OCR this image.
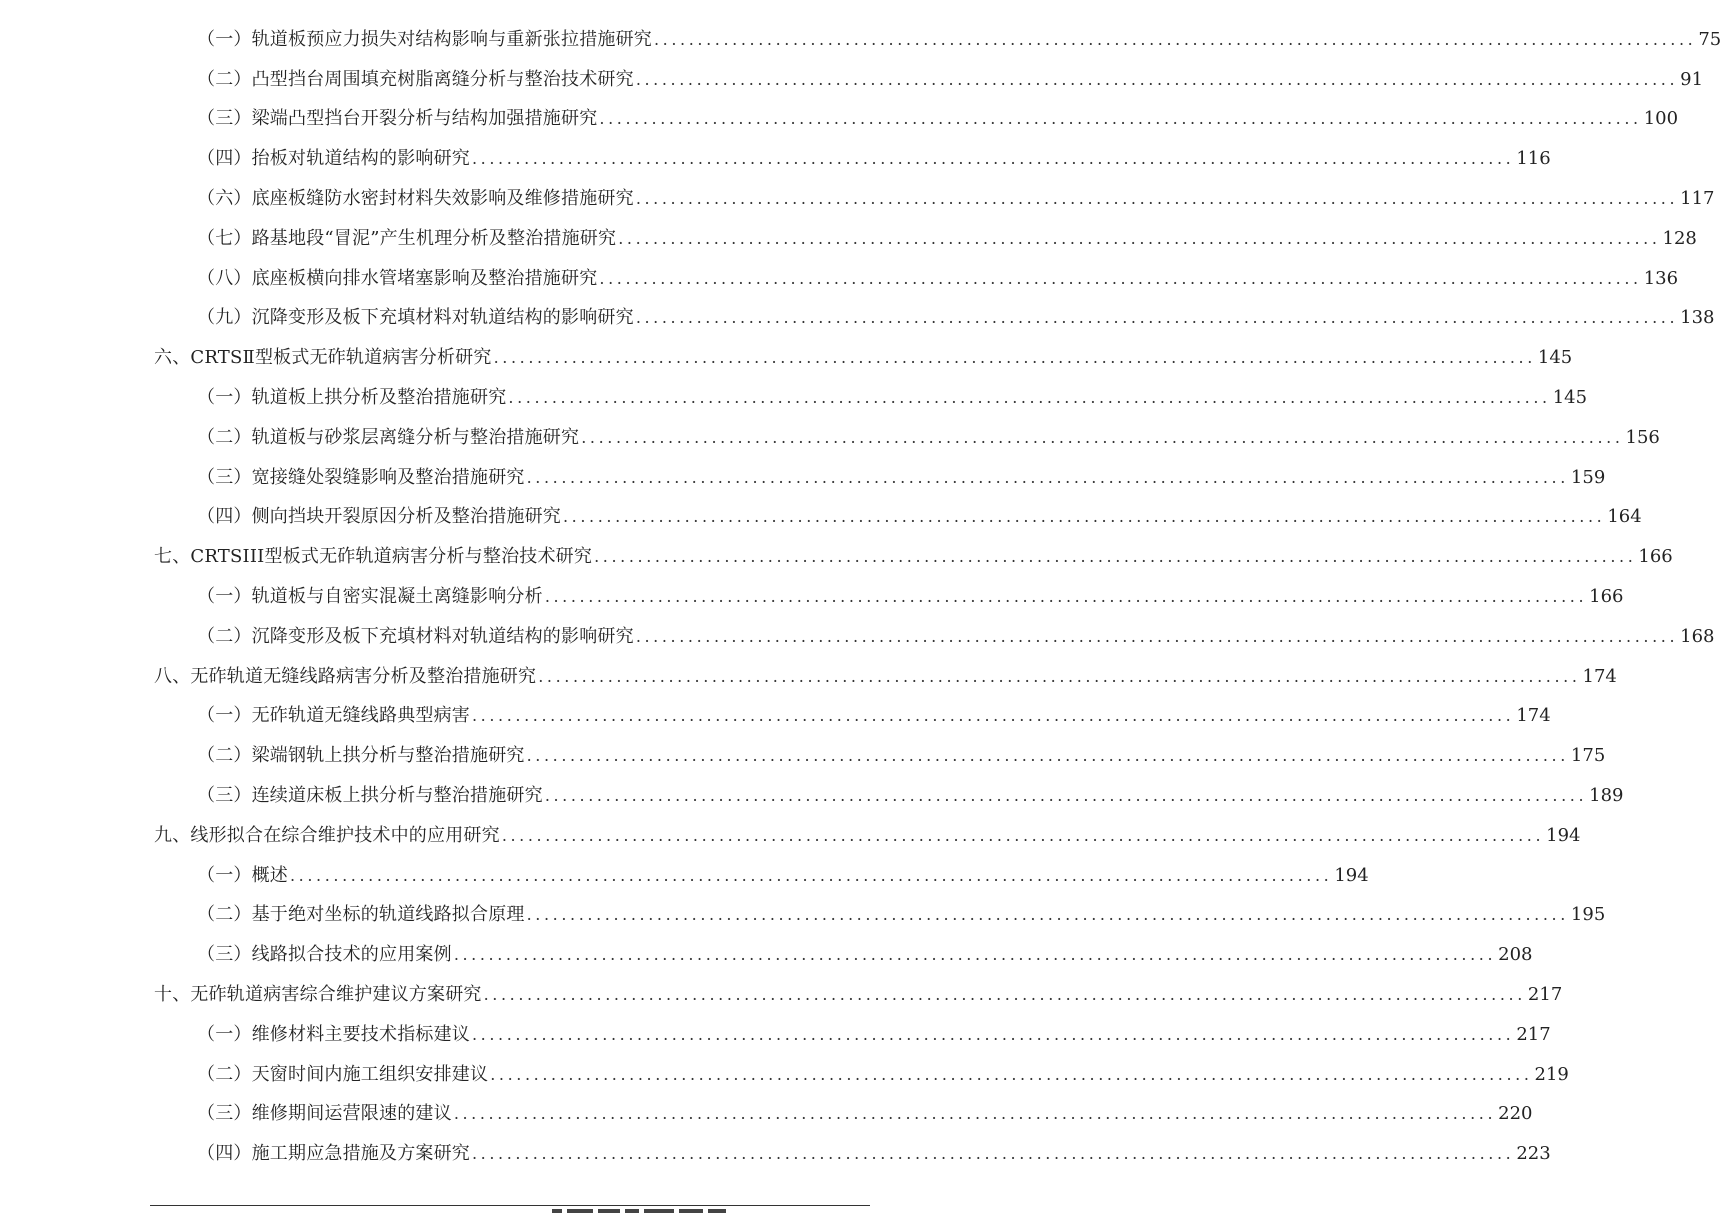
（一）轨道板预应力损失对结构影响与重新张拉措施研究 ........................................................................................................................ 75
（二）凸型挡台周围填充树脂离缝分析与整治技术研究 ........................................................................................................................ 91
（三）梁端凸型挡台开裂分析与结构加强措施研究 ........................................................................................................................ 100
（四）抬板对轨道结构的影响研究 ........................................................................................................................ 116
（六）底座板缝防水密封材料失效影响及维修措施研究 ........................................................................................................................ 117
（七）路基地段“冒泥”产生机理分析及整治措施研究 ........................................................................................................................ 128
（八）底座板横向排水管堵塞影响及整治措施研究 ........................................................................................................................ 136
（九）沉降变形及板下充填材料对轨道结构的影响研究 ........................................................................................................................ 138
六、CRTSⅡ型板式无砟轨道病害分析研究 ........................................................................................................................ 145
（一）轨道板上拱分析及整治措施研究 ........................................................................................................................ 145
（二）轨道板与砂浆层离缝分析与整治措施研究 ........................................................................................................................ 156
（三）宽接缝处裂缝影响及整治措施研究 ........................................................................................................................ 159
（四）侧向挡块开裂原因分析及整治措施研究 ........................................................................................................................ 164
七、CRTSIII型板式无砟轨道病害分析与整治技术研究 ........................................................................................................................ 166
（一）轨道板与自密实混凝土离缝影响分析 ........................................................................................................................ 166
（二）沉降变形及板下充填材料对轨道结构的影响研究 ........................................................................................................................ 168
八、无砟轨道无缝线路病害分析及整治措施研究 ........................................................................................................................ 174
（一）无砟轨道无缝线路典型病害 ........................................................................................................................ 174
（二）梁端钢轨上拱分析与整治措施研究 ........................................................................................................................ 175
（三）连续道床板上拱分析与整治措施研究 ........................................................................................................................ 189
九、线形拟合在综合维护技术中的应用研究 ........................................................................................................................ 194
（一）概述 ........................................................................................................................ 194
（二）基于绝对坐标的轨道线路拟合原理 ........................................................................................................................ 195
（三）线路拟合技术的应用案例 ........................................................................................................................ 208
十、无砟轨道病害综合维护建议方案研究 ........................................................................................................................ 217
（一）维修材料主要技术指标建议 ........................................................................................................................ 217
（二）天窗时间内施工组织安排建议 ........................................................................................................................ 219
（三）维修期间运营限速的建议 ........................................................................................................................ 220
（四）施工期应急措施及方案研究 ........................................................................................................................ 223
